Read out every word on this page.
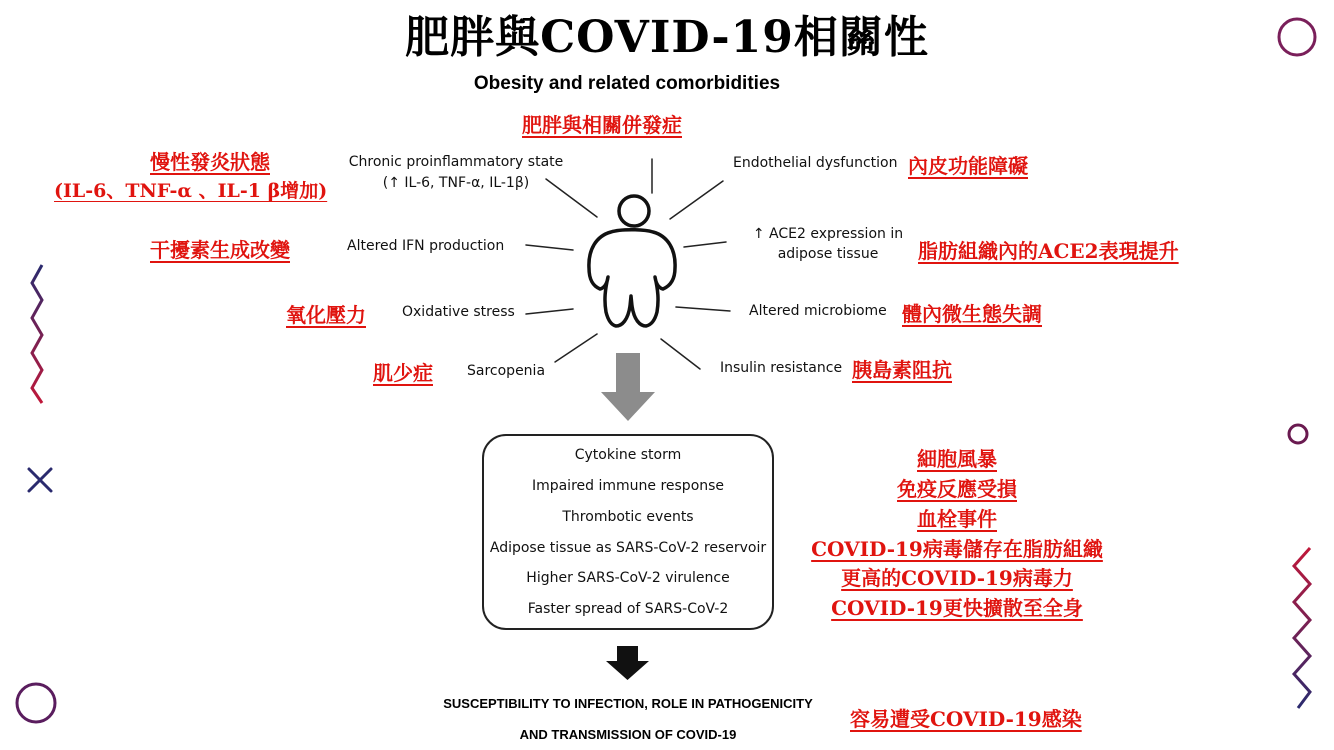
肥胖與COVID-19相關性
Obesity and related comorbidities
肥胖與相關併發症
慢性發炎狀態
(IL-6、TNF-α 、IL-1 β增加)
Chronic proinflammatory state
(↑ IL-6, TNF-α, IL-1β)
干擾素生成改變	Altered IFN production
氧化壓力	Oxidative stress
肌少症 Sarcopenia
Endothelial dysfunction 內皮功能障礙
↑ ACE2 expression in
adipose tissue	脂肪組織內的ACE2表現提升
Altered microbiome 體內微生態失調
Insulin resistance 胰島素阻抗
Cytokine storm
Impaired immune response
Thrombotic events
Adipose tissue as SARS-CoV-2 reservoir
Higher SARS-CoV-2 virulence
Faster spread of SARS-CoV-2
細胞風暴
免疫反應受損
血栓事件
COVID-19病毒儲存在脂肪組織
更高的COVID-19病毒力
COVID-19更快擴散至全身
SUSCEPTIBILITY TO INFECTION, ROLE IN PATHOGENICITY
AND TRANSMISSION OF COVID-19
容易遭受COVID-19感染
